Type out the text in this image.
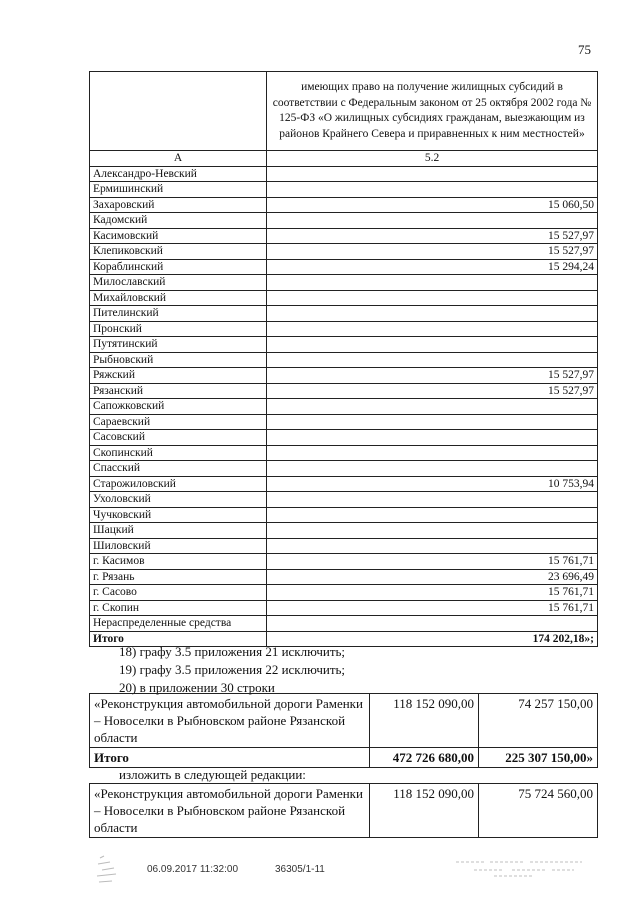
75
	имеющих право на получение жилищных субсидий в соответствии с Федеральным законом от 25 октября 2002 года № 125-ФЗ «О жилищных субсидиях гражданам, выезжающим из районов Крайнего Севера и приравненных к ним местностей»
А	5.2
Александро-Невский	
Ермишинский	
Захаровский	15 060,50
Кадомский	
Касимовский	15 527,97
Клепиковский	15 527,97
Кораблинский	15 294,24
Милославский	
Михайловский	
Пителинский	
Пронский	
Путятинский	
Рыбновский	
Ряжский	15 527,97
Рязанский	15 527,97
Сапожковский	
Сараевский	
Сасовский	
Скопинский	
Спасский	
Старожиловский	10 753,94
Ухоловский	
Чучковский	
Шацкий	
Шиловский	
г. Касимов	15 761,71
г. Рязань	23 696,49
г. Сасово	15 761,71
г. Скопин	15 761,71
Нераспределенные средства	
Итого	174 202,18»;
18) графу 3.5 приложения 21 исключить;
19) графу 3.5 приложения 22 исключить;
20) в приложении 30 строки
«Реконструкция автомобильной дороги Раменки – Новоселки в Рыбновском районе Рязанской области	118 152 090,00	74 257 150,00
Итого	472 726 680,00	225 307 150,00»
изложить в следующей редакции:
«Реконструкция автомобильной дороги Раменки – Новоселки в Рыбновском районе Рязанской области	118 152 090,00	75 724 560,00
06.09.2017 11:32:00	36305/1-11
